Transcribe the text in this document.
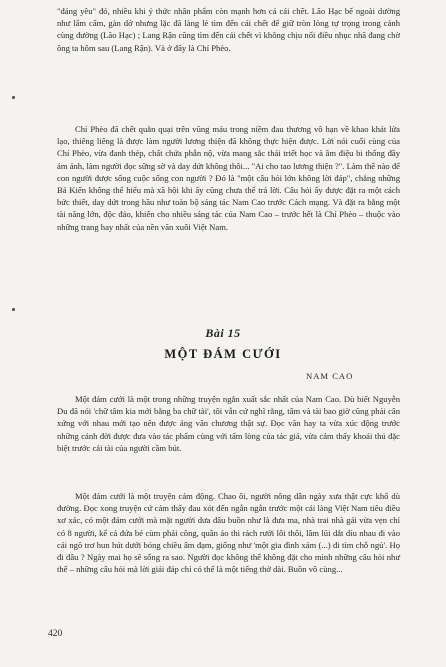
"đáng yêu" đó, nhiều khi ý thức nhân phẩm còn mạnh hơn cả cái chết. Lão Hạc bế ngoài dường như lẩm cẩm, gàn dở nhưng lặc đã làng lẻ tìm đến cái chết để giữ tròn lòng tự trọng trong cảnh cùng đường (Lão Hạc) ; Lang Rận cũng tìm đến cái chết vì không chịu nổi điều nhục nhã đang chờ ông ta hôm sau (Lang Rận). Và ở đây là Chí Phèo.

Chí Phèo đã chết quằn quại trên vũng máu trong niềm đau thương vô hạn về khao khát lửa lạo, thiêng liêng là được làm người lương thiện đã không thực hiện được. Lời nói cuối cùng của Chí Phèo, vừa đanh thép, chất chứa phẫn nộ, vừa mang sắc thái triết học và âm điệu bi thống đầy ám ảnh, làm người đọc sững sờ và day dứt không thôi... "Ai cho tao lương thiện ?". Làm thế nào để con người được sống cuộc sống con người ? Đó là "một câu hỏi lớn không lời đáp", chẳng những Bá Kiến không thể hiểu mà xã hội khi ấy cũng chưa thể trả lời. Câu hỏi ấy được đặt ra một cách bức thiết, day dứt trong hầu như toàn bộ sáng tác Nam Cao trước Cách mạng. Và đặt ra bằng một tài năng lớn, độc đáo, khiến cho nhiều sáng tác của Nam Cao – trước hết là Chí Phèo – thuộc vào những trang hay nhất của nền văn xuôi Việt Nam.

Bài 15
MỘT ĐÁM CƯỚI
NAM CAO

Một đám cưới là một trong những truyện ngắn xuất sắc nhất của Nam Cao. Dù biết Nguyễn Du đã nói 'chữ tâm kia mới bằng ba chữ tài', tôi vẫn cứ nghĩ rằng, tâm và tài bao giờ cũng phải cân xứng với nhau mới tạo nên được áng văn chương thật sự. Đọc văn hay ta vừa xúc động trước những cảnh đời được đưa vào tác phẩm cùng với tấm lòng của tác giả, vừa cảm thấy khoái thú đặc biệt trước cái tài của người cầm bút.

Một đám cưới là một truyện cảm động. Chao ôi, người nông dân ngày xưa thật cực khổ dù đường. Đọc xong truyện cứ cảm thấy đau xót đến ngẫn ngẫn trước một cái làng Việt Nam tiêu điều xơ xác, có một đám cưới mà mặt người dưa đâu buồn như là đưa ma, nhà trai nhà gái vừa vẹn chỉ có 8 người, kể cả đứa bé cùm phải cõng, quần áo thì rách rưới lôi thôi, lâm lũi dắt díu nhau đi vào cái ngõ trơ hun hút dưới bóng chiều âm đạm, giống như 'một gia đình xám (...) đi tìm chỗ ngủ'. Họ đi đâu ? Ngày mai họ sẽ sống ra sao. Người đọc không thể không đặt cho mình những câu hỏi như thế – những câu hỏi mà lời giải đáp chỉ có thể là một tiếng thở dài. Buồn vô cùng...

420
